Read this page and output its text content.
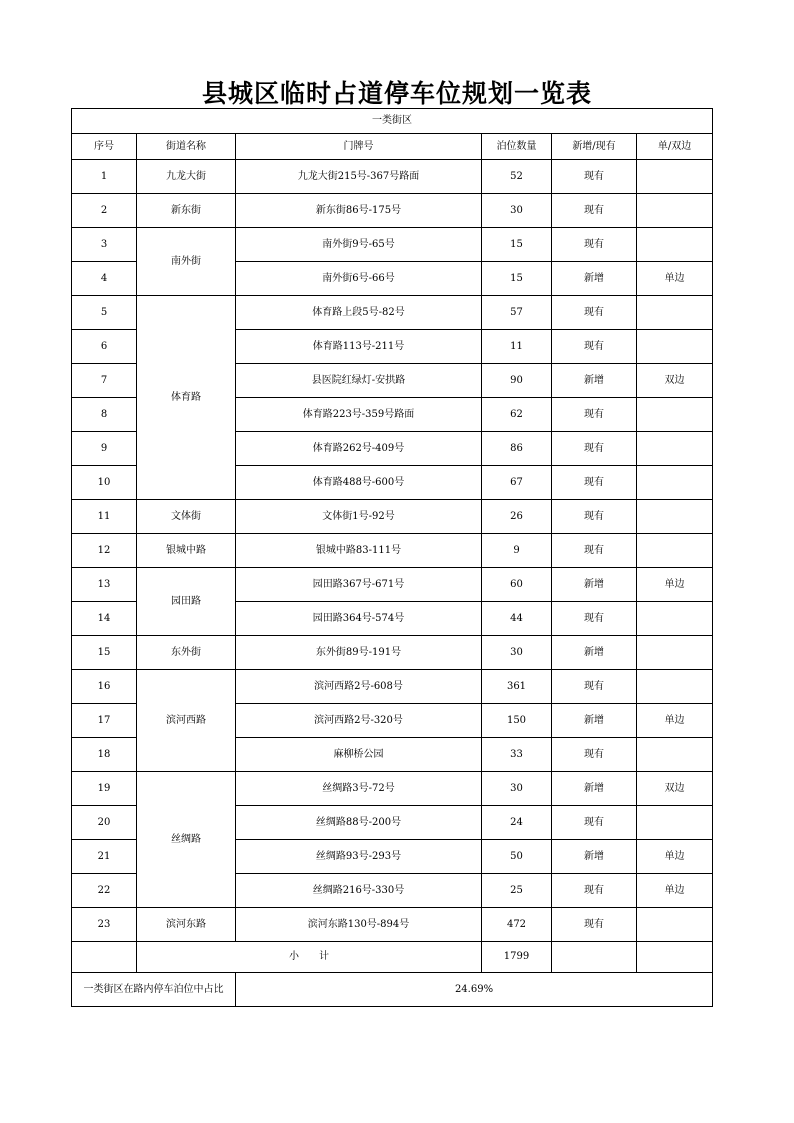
县城区临时占道停车位规划一览表
一类街区					
序号	街道名称	门牌号	泊位数量	新增/现有	单/双边
1	九龙大街	九龙大街215号-367号路面	52	现有	
2	新东街	新东街86号-175号	30	现有	
3	南外街	南外街9号-65号	15	现有	
4		南外街6号-66号	15	新增	单边
5	体育路	体育路上段5号-82号	57	现有	
6		体育路113号-211号	11	现有	
7		县医院红绿灯-安拱路	90	新增	双边
8		体育路223号-359号路面	62	现有	
9		体育路262号-409号	86	现有	
10		体育路488号-600号	67	现有	
11	文体街	文体街1号-92号	26	现有	
12	银城中路	银城中路83-111号	9	现有	
13	园田路	园田路367号-671号	60	新增	单边
14		园田路364号-574号	44	现有	
15	东外街	东外街89号-191号	30	新增	
16	滨河西路	滨河西路2号-608号	361	现有	
17		滨河西路2号-320号	150	新增	单边
18		麻柳桥公园	33	现有	
19	丝绸路	丝绸路3号-72号	30	新增	双边
20		丝绸路88号-200号	24	现有	
21		丝绸路93号-293号	50	新增	单边
22		丝绸路216号-330号	25	现有	单边
23	滨河东路	滨河东路130号-894号	472	现有	
	小　　计		1799		
一类街区在路内停车泊位中占比		24.69%			
